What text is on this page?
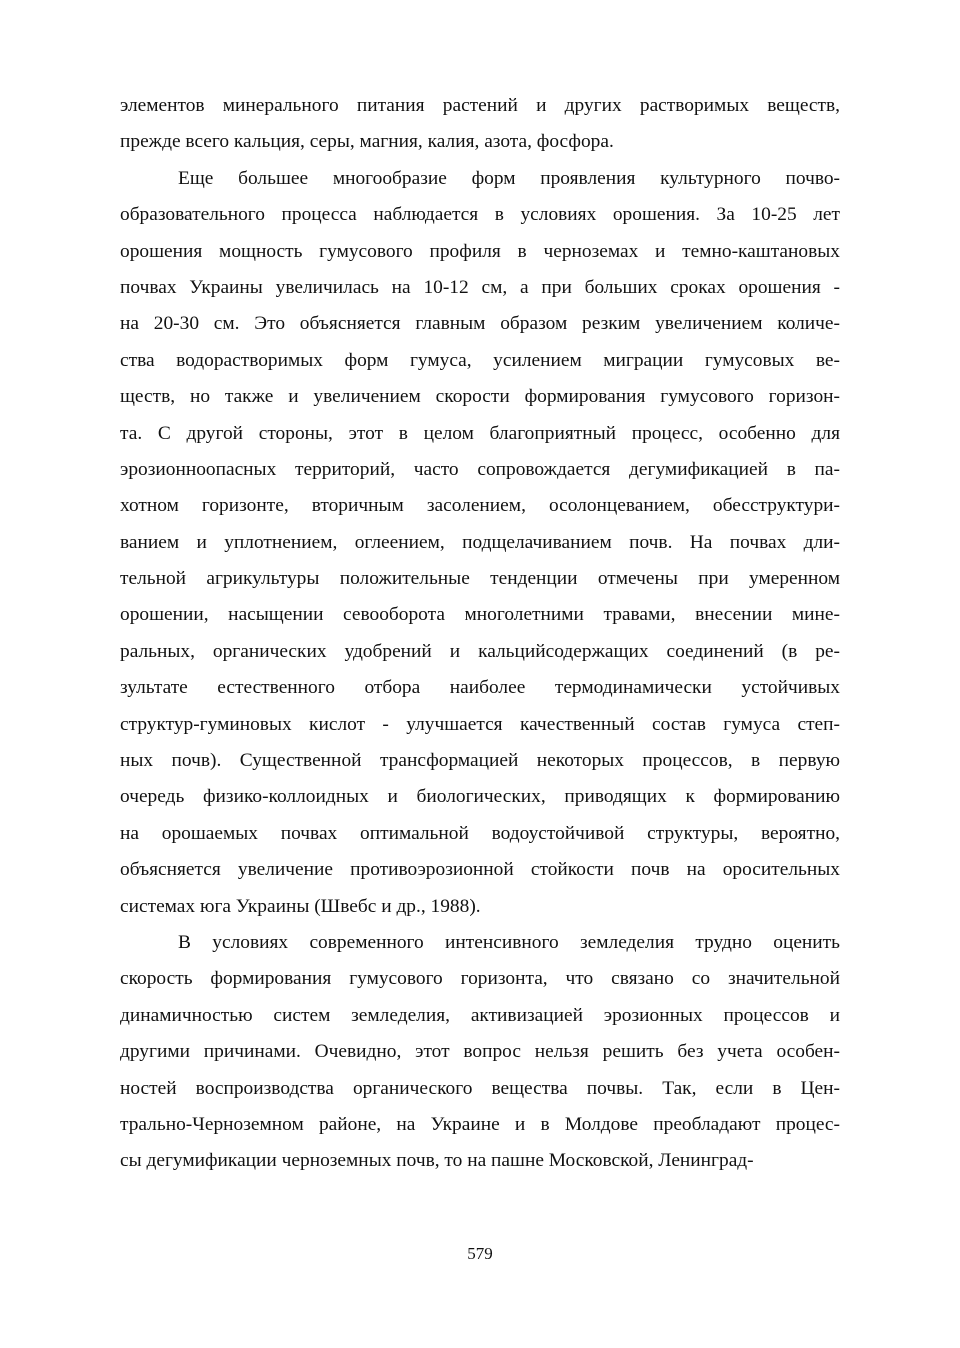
элементов минерального питания растений и других растворимых веществ,
прежде всего кальция, серы, магния, калия, азота, фосфора.
Еще большее многообразие форм проявления культурного почво-
образовательного процесса наблюдается в условиях орошения. За 10-25 лет
орошения мощность гумусового профиля в черноземах и темно-каштановых
почвах Украины увеличилась на 10-12 см, а при больших сроках орошения -
на 20-30 см. Это объясняется главным образом резким увеличением количе-
ства водорастворимых форм гумуса, усилением миграции гумусовых ве-
ществ, но также и увеличением скорости формирования гумусового горизон-
та. С другой стороны, этот в целом благоприятный процесс, особенно для
эрозионноопасных территорий, часто сопровождается дегумификацией в па-
хотном горизонте, вторичным засолением, осолонцеванием, обесструктури-
ванием и уплотнением, оглеением, подщелачиванием почв. На почвах дли-
тельной агрикультуры положительные тенденции отмечены при умеренном
орошении, насыщении севооборота многолетними травами, внесении мине-
ральных, органических удобрений и кальцийсодержащих соединений (в ре-
зультате естественного отбора наиболее термодинамически устойчивых
структур-гуминовых кислот - улучшается качественный состав гумуса степ-
ных почв). Существенной трансформацией некоторых процессов, в первую
очередь физико-коллоидных и биологических, приводящих к формированию
на орошаемых почвах оптимальной водоустойчивой структуры, вероятно,
объясняется увеличение противоэрозионной стойкости почв на оросительных
системах юга Украины (Швебс и др., 1988).
В условиях современного интенсивного земледелия трудно оценить
скорость формирования гумусового горизонта, что связано со значительной
динамичностью систем земледелия, активизацией эрозионных процессов и
другими причинами. Очевидно, этот вопрос нельзя решить без учета особен-
ностей воспроизводства органического вещества почвы. Так, если в Цен-
трально-Черноземном районе, на Украине и в Молдове преобладают процес-
сы дегумификации черноземных почв, то на пашне Московской, Ленинград-
579
